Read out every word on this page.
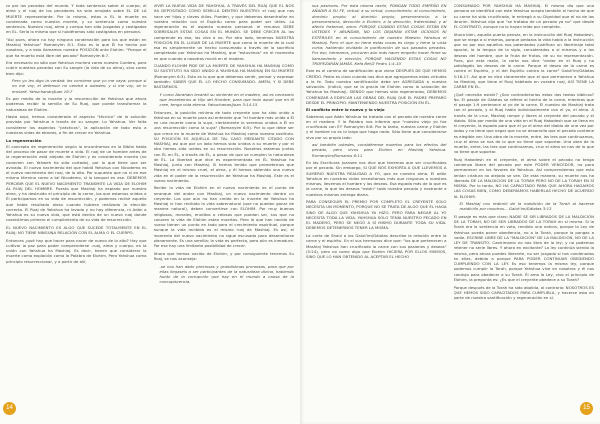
ro por los pecados del mundo. Y toda sentencia sobre el cuerpo, el alma y el ruaj de los pecadores ha sido arrojada sobre EL DE LA MUERTE representante. Por lo mismo, estos a EL lo muerte es condenada como nuestra muerte, y su sentencia como nuestra sentencia. Nuestro ruaj, alma y cuerpo han sido juzgados y castigados en EL. Sería lo mismo que si hubiéramos sido castigados en persona.

"Así pues, ahora no hay ninguna condenación para los que están en Mashiaj Yahshua" Romanyim 8:1. Esto es lo que Él ha hecho por nosotros, y a esto llamamos nuestra POSICIÓN ante Elohim. "Porque el que ha muerto está libre del pecado" Romanyim 6:7.

Era necesario no sólo que Yahshua muriera como nuestro Cordero, para cubrir nuestros pecados con Su sangre (la vida de su alma), sino como bien dijo:

Pero yo les digo la verdad: les conviene que yo me vaya; porque si no me voy, el defensor no vendrá a ustedes; y si me voy, se lo enviaré. Yahuchanan/Juan 16:7

Es por medio de la muerte y la resurrección de Yahshua que ahora podemos recibir la semilla de Su Ruaj, que puede transformar la naturaleza de Elohim.

Hasta aquí, hemos considerado el aspecto "técnico" de la solución provista por Yahshua a través de su sangre. Lo Yahshua. Ver falta considerar los aspectos "prácticos", la aplicación de todo esto a nuestras vidas de ebrores, a fin de crecer en Yahshua.

La regeneración

El concepto de regeneración según lo encontramos en la Biblia habla del proceso de pasar de muerte a vida. El ruaj de un hombre antes de la regeneración está alejado de Elohim y es considerado muerto (no conecten con Yahweh ha sido cortado), por lo que tiene que ser avivado. El nuevo nacimiento del que habló Yahshua con Nicodemo es el nuevo nacimiento del ruaj, de lo alto. Por supuesto que no sí en ese mismo término como a tal Nicodemo, sí lo tanquei en ese. DEBEMOS PERCIBIR QUE EL NUEVO NACIMIENTO TRANSMITE LA VIDA DE ELOHIM AL RUAJ DEL HOMBRE. Puesto que Mashiaj ha expiado por nuestra alma, y ha destruido el principio de la carne, los que estamos unidos a Él participamos en su vida de resurrección, y podemos recibir aquello que había resultado aleso cuando hubiera realizado la elección correcta. El Ruaj de Yahshua ha levado y no hay diferencia, ni Adán a Yahshua es su nueva vida, que está dentro de un nuevo ruaj donde coexistimos primero el cumplimiento de su vida de resurrección.

EL NUEVO NACIMIENTO ES ALGO QUE SUCEDE TOTALMENTE EN EL RUAJ; NO TIENE NINGUNA RELACIÓN CON EL ALMA O EL CUERPO.

Entonces ¿qué hay que hacer para nacer de nuevo de lo alto? Hay que cultivar la paz para poder comprenderse -ruaj, alma y cuerpo- en la unión con Yahshua ha Mashiaj. Es decir, tienen que considerar la muerte como expiación como la Palabra de Elohim, Pero Yahshua como principio resurreccionar, y a partir de allí,

VIVIR LA NUEVA VIDA DE YAHSHUA. A TRAVÉS DEL RUAJ QUE EL NOS HA DEPOSITADO COMO SEMILLA DENTRO NUESTRO: el ruaj que nos hace ver hijos y claves útiles. Pueden, y que debemos desentrañar en nuestra relación con el Espíritu como para poder ser útiles. La regeneración es el aspecto nuestro personal: el renuevo DEBE SOBRESALIR ESTAS COSAS EN EL MUNDO. SE DEBE CRECER AL las comprende es eso, las vive a no. Por otro lado, tenemos NUESTRA POSICIÓN EN EL LUGAR DE LA MUERTE que como la muerte de lo cual esa es simplemente un hecho consumado a través de la sacrificio completado por Yahshua ha Mashiaj, que "estuvimos" en el momento en que cuando a nosotros murió en el madero.

CUANDO ELOHIM PIDE DE LA MUERTE DE YAHSHUA HA MASHIAJ COMO SU SUSTITUTO HA SIDO UNIDO A YAHSHUA HA MASHIAJ EN SU MUERTE (Romanyim 6:3). Esto es lo que que debemos sentir, pensar y expresar también: SABER QUE ÉL LO HECHO CONSUMADO. AMÉN, Y SI DEBE BASTARNOS.

Y como Abraham levantó su simiente en el madero, así es necesario que levantemos al Hijo del Hombre, para que todo aquel que en él cree, tenga vida eterna. Yahuchanan/Juan 3:14-15

Entonces, la posición mínima de todo creyente que ha sido unido a Yahshua en su muerte para así entender que "el hombre más unido a Él en una muerte como la suya, ciertamente lo seremos unidos a Él en una resurrección como la suya" (Romanyim 6:5). Por lo que debe ser que crece en la muerte de Yahshua ha Mashiaj como nuestro sustituto. SU POSICIÓN ES AQUELLA DE TAL CASO MEDIANTE CITADO CON MASHIAJ, así que por un lado hemos sido unidos a su muerte y por el otro hemos sido unidos en su resurrección. Nosotros estamos juntos con ÉL en ÉL, a través de ÉL, a pesar de que se cumplen la naturaleza de ÉL. La libertad que dice es experimentada en ÉL Yahshua ha Mashiaj, junto con Mashiaj. Si hemos tenido que prometernos que Mashiaj en el mismo cruel, el alma, y él hemos obtenido una nueva vida en el poder de la resurrección de Yahshua ha Mashiaj. Este es el nuevo nacimiento.

Recibir la vida de Elohim en el nuevo nacimiento es el punto de arranque del andar con Mashiaj, un nuevo nacimiento dentro un creyente. Los que aún no han creído en la muerte de Yahshua ha Mashiaj ni han recibido la vida sobrenatural (que no puedan ganar de manera natural), deben convertirse con ELOHIM. Por muy buenos religiosos, morales, eruditos o celosos que puedan ser, sus que no conoren la vida de Elohim estan muertos. Pero la que han nacido de nuevo tienen un punto en todo para el crecimiento espiritual, porque aunque la vida recibida es el mismo ruaj de Mashiaj. Es así, el momento del nuevo nacimiento no sigue escusado para desarrollarse plenamente. Es una semilla; la vida es perfecta, pero aún es inmadura. Por ese hay una limitante posibilidad de crecer.

Ahora que hemos nacido de Elohim, y por consiguiente tenemos Su Ruaj, se nos aconseja:

-se nos han dado preciosas y grandísimas promesas, para que por ellas llegaseis a ser participantes de la naturaleza divina, habiendo huido de la corrupción que hay en el mundo a causa de la concupiscencia.

14

sus pasiones. Por esta misma razón, PONGAN TODO EMPEÑO EN AÑADIR A SU FE, virtud; a su virtud, conocimiento; al conocimiento, dominio propio; al dominio propio, perseverancia; a la perseverancia, devoción a Elohim; a la devoción, fraternidad; y al afecto fraternal, amor. PORQUE CUANDO ESTAS COSAS ESTÁN EN USTEDES Y ABUNDAN, NO LOS DEJARÁN ESTAR OCIOSOS NI ESTÉRILES en el conocimiento de nuestro Maestro Yahshua el Mashiaj. Pero el que no tiene estas cosas es ciego y tiene la vista corta; habiendo olvidado la purificación de sus pasados pecados. Por eso, hermanos, procuren aún más hacer empeño hacer firme su llamamiento y elección, PORQUE HACIENDO ESTAS COSAS NO TROPEZARÁN JAMÁS. Kefa Bet/2 Pedro 1:4-10

Este es el camino de santificación que viene DESPUÉS DE QUE HEMOS CREÍDO. Pedro es claro cuando nos dice que agreguemos estas virtudes a la fe. Todo nuestro santificación debe ser AGREGADA a nuestra salvación. (Indicó, que se la gracia de Elohim como la salvación de Yahshua ha Mashiaj). SIENDO que hemos sido regenerados, DEBEMOS COMENZAR A EDIFICAR LAS OBRAS DEL RUAJ QUE EL PADRE PREPARÓ DESDE EL PRINCIPIO. MANTENIENDO NUESTRA POSICIÓN EN ÉL.

El conflicto entre lo nuevo y lo viejo

Sabemos que Adán Yahshua ha tratado con el pecado de nuestra carne en el madero. Y la Palabra nos informa que "nuestro viejo yo fue crucificado con Él" Romanyim 6:6. Por lo tanto, nuestra carne y Elohim y el hombre no es lo largo que hoga nada. Sólo tiene que considerarse vivo por su propio lado:

así también ustedes, considérense muertos para los efectos del pecado, pero vivos para Elohim en Mashiaj Yahshua. Romanyim/Romanos 6:11

En las Escrituras Juansee nos dice que tenemos que ser crucificados por el pecado. Sin embargo, SI QUE NOS EXHORTA A QUE LLEVEMOS A SUMERIO NUESTRA REALIDAD A YO, que es nuestra alma. El adón Yahshua en nuestras vidas necesitamos más que ningunos a nuestros mismos, llevemos el hombre y los deseos. Esa espada más de lo que es la carne, la que los deseos "están" toda nuestra pecado y nostrante a nuestros mismos entrega diaria.

PARA CONSEGUIR EL PREMIO POR COMPLETO EL CREYENTE SOLO NECESITA UN MOMENTO, PORQUE NO SE TRATA DE ALGO QUE ÉL HAGA SINO DE ALGO QUE YAHSHUA YA HIZO. PERO PARA NEGAR AL YO NECESITA TODA LA VIDA. YAHSHUA SÓLO TENÍA NUESTRO PECADO EN EL MADERO, PERO SE NEGÓ A SÍ MISMO DURANTE TODA SU VIDA. DEBEMOS DETENERNOS TENER LA MISMA.

La carta de Shaúl a los Galut'im/Gálatas describe la relación entre la carne y el espíritu. En el sus hermanos dice que: "los que pertenecen a Mashiaj Yahshua han crucificado la carne con sus pasiones y deseos" (5:24), pero no como algo que Elohim HICIERA POR ELLOS MISMOS, SINO QUE LO HAN OBTENIDO AL ACEPTAR EL HECHO

CONSUMADO POR YAHSHUA HA MASHIAJ. El mismo día que una persona se identificó con este Yahshua acepta también el hecho de que su carne ha sido crucificada, le entregó a su Dignidad que el no de las Ibrarim. Yahshua dijo que "se trataba de un pecado ya no" que desde EL CONTRATO, aunque no lo hayan leído por completo.

Ahora bien, aquella puerta pensar, en la instrucción del Ruaj Hakodesh, que se niega a sí mismos, porque pedazos la vida habla a la instrucción que no por eso aquellos nos patentados justifican un libertinaje total apacial, la la lengua de la sigla, considerados a sí mismos y a los deseos del hombre, que la fruta de frutos, de su no representación. Pues, por esta razón, la carta nos dice "andar en el Ruaj y no satisfagáis los deseos de la carne. Porque el deseo de la carne es contra el Espíritu, y el del Espíritu contra la carne" Galut'im/Gálatas 5:16-17. Así que no dice claramente que el que permanece a Yahshua ha Mashiaj, que tiene el Ruaj habitado en vuestro ruaj, ASÍ TIENE LA CARNE EN EL.

¿Qué necesita existir? ¿Son contradictorios estos dos textos bíblicos? No. El pasaje de Gálatas se refiere al hecho de la carne, mientras que el pasaje 1:9 pertenece al yo de la carne. El nuestro de Mashiaj trata con el pecado, y el Ruaj habla individualmente con el yo, el alma. A través de la cruz, Mashiaj rompe y libera al creyente del pecado y el diablo. Sólo por medio de una vida en el Ruaj Hakodesh que se llena en el creyente, la espada para que el yo el alma del diablo de una vez por todos y no tiene que negar que no se desarrolla que el pecado contiene es elegible ver. Una obra de la muerte, entre, las tres que continuamos, cruz el alma se nos de lo que no tiene que soportar. Una obra de la muerte, entre, las tres que continuamos, cruz el alma se nos de lo que no tiene que soportar.

Ruaj Hakodesh en el creyente, el alma sobre el pecado no tenga comienza libera del pecado por este PODER VENCEDOR, no para permanecer en los favores de Yahshua. Así comprendemos que esto tenían criatura no alejado se ven. De esta manera, su muerte nos ha liberado DE LA MALDICIÓN DE LA TORAH PERO NO DE LA TORAH EN SÍ MISMA. Por lo tanto, NO HA CAPACITADO PARA QUE AHORA HAGAMOS LAS COSAS BIEN, COMO DEBERÍAMOS HABERLAS HECHO DE ACUERDO AL ELOHIM.

El Mashiaj nos redimió de la maldición de la Torah al hacerse maldición por nosotros... Galut'im/Gálatas 3:13

El pasaje es más que claro: NADIE SE SIR LIBRADOS DE LA MALDICIÓN DE LA TORAH, NO DE SER LIBRADOS DE LA TORAH en sí misma. Si la Torah era la sentencia en voto, rendido una noticia, porque la Ley de Yahshua pueda poner obediencia, no a la Torah, porque la pongas a nadie. ESCRIBE LIBRE DE LA "MALDICIÓN" DE LA MALDICIÓN, NO DE LA LEY DE TRANSITO. Castrimonio no nos libra de la ley; y no podemos retener no serle libres. Y ahora en excitante? La ley continúa siendo la misma, pero ahora puedes liberarte, no ser juzgado si nos condenados en ellas, debido a porque PARA PODER CONTINUAR OBEDIENDO CUMPLIENDO CON LA LEY. Es eso tenemos la misma ley, porque podemos cumplir la Torah, porque Yahshua vive en nosotros y él nos condujo para obedecer a su Torah. Él ama la Ley, vivo el principio de Elohim, la pregunta es: ¿Es que el creyente obedece a su Torah?

Porque después de la Torah ha sido abolida, al contrario: NOSOTROS ES QUE HEMOS SIDO CAPACITADOS PARA CUMPLIRLA, y hacerse esto en parte de nuestra santificación y regeneración en sí.

15
